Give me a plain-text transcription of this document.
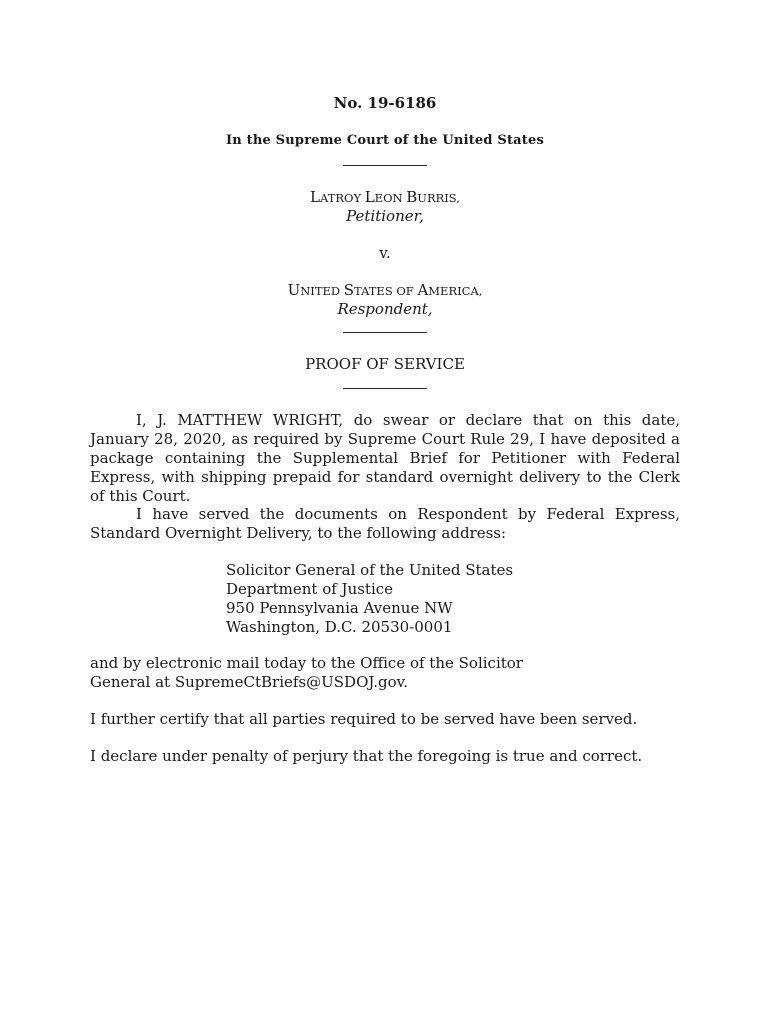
No. 19-6186
In the Supreme Court of the United States
LATROY LEON BURRIS,
Petitioner,
v.
UNITED STATES OF AMERICA,
Respondent,
PROOF OF SERVICE
I, J. MATTHEW WRIGHT, do swear or declare that on this date, January 28, 2020, as required by Supreme Court Rule 29, I have deposited a package containing the Supplemental Brief for Petitioner with Federal Express, with shipping prepaid for standard overnight delivery to the Clerk of this Court.
I have served the documents on Respondent by Federal Express, Standard Overnight Delivery, to the following address:
Solicitor General of the United States
Department of Justice
950 Pennsylvania Avenue NW
Washington, D.C. 20530-0001
and by electronic mail today to the Office of the Solicitor General at SupremeCtBriefs@USDOJ.gov.
I further certify that all parties required to be served have been served.
I declare under penalty of perjury that the foregoing is true and correct.
